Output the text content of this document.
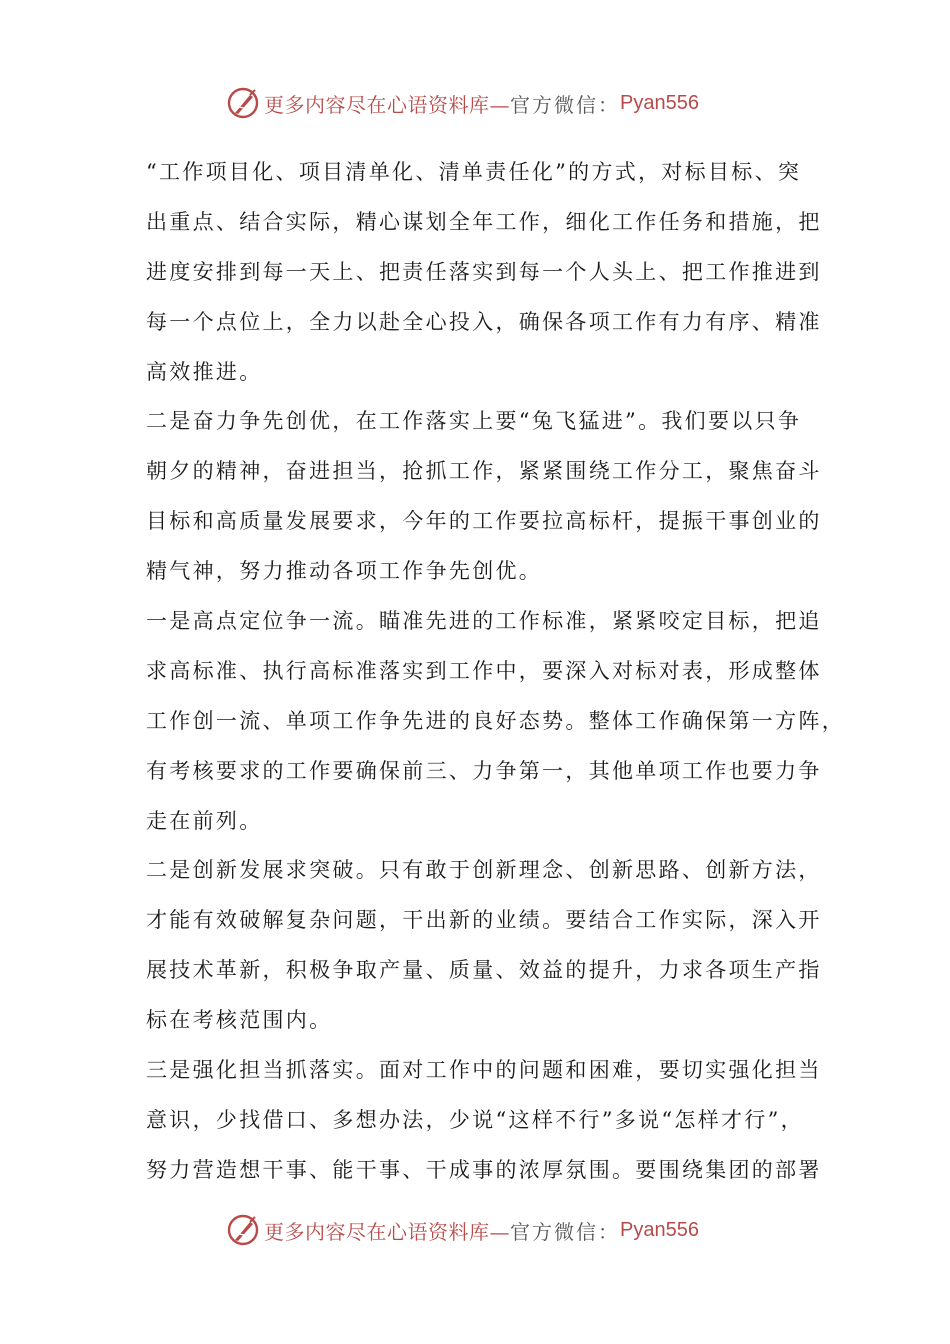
更多内容尽在心语资料库— 官方微信： Pyan556
“工作项目化、项目清单化、清单责任化”的方式，对标目标、突
出重点、结合实际，精心谋划全年工作，细化工作任务和措施，把
进度安排到每一天上、把责任落实到每一个人头上、把工作推进到
每一个点位上，全力以赴全心投入，确保各项工作有力有序、精准
高效推进。
二是奋力争先创优，在工作落实上要“兔飞猛进”。我们要以只争
朝夕的精神，奋进担当，抢抓工作，紧紧围绕工作分工，聚焦奋斗
目标和高质量发展要求，今年的工作要拉高标杆，提振干事创业的
精气神，努力推动各项工作争先创优。
一是高点定位争一流。瞄准先进的工作标准，紧紧咬定目标，把追
求高标准、执行高标准落实到工作中，要深入对标对表，形成整体
工作创一流、单项工作争先进的良好态势。整体工作确保第一方阵，
有考核要求的工作要确保前三、力争第一，其他单项工作也要力争
走在前列。
二是创新发展求突破。只有敢于创新理念、创新思路、创新方法，
才能有效破解复杂问题，干出新的业绩。要结合工作实际，深入开
展技术革新，积极争取产量、质量、效益的提升，力求各项生产指
标在考核范围内。
三是强化担当抓落实。面对工作中的问题和困难，要切实强化担当
意识，少找借口、多想办法，少说“这样不行”多说“怎样才行”，
努力营造想干事、能干事、干成事的浓厚氛围。要围绕集团的部署
更多内容尽在心语资料库— 官方微信： Pyan556
